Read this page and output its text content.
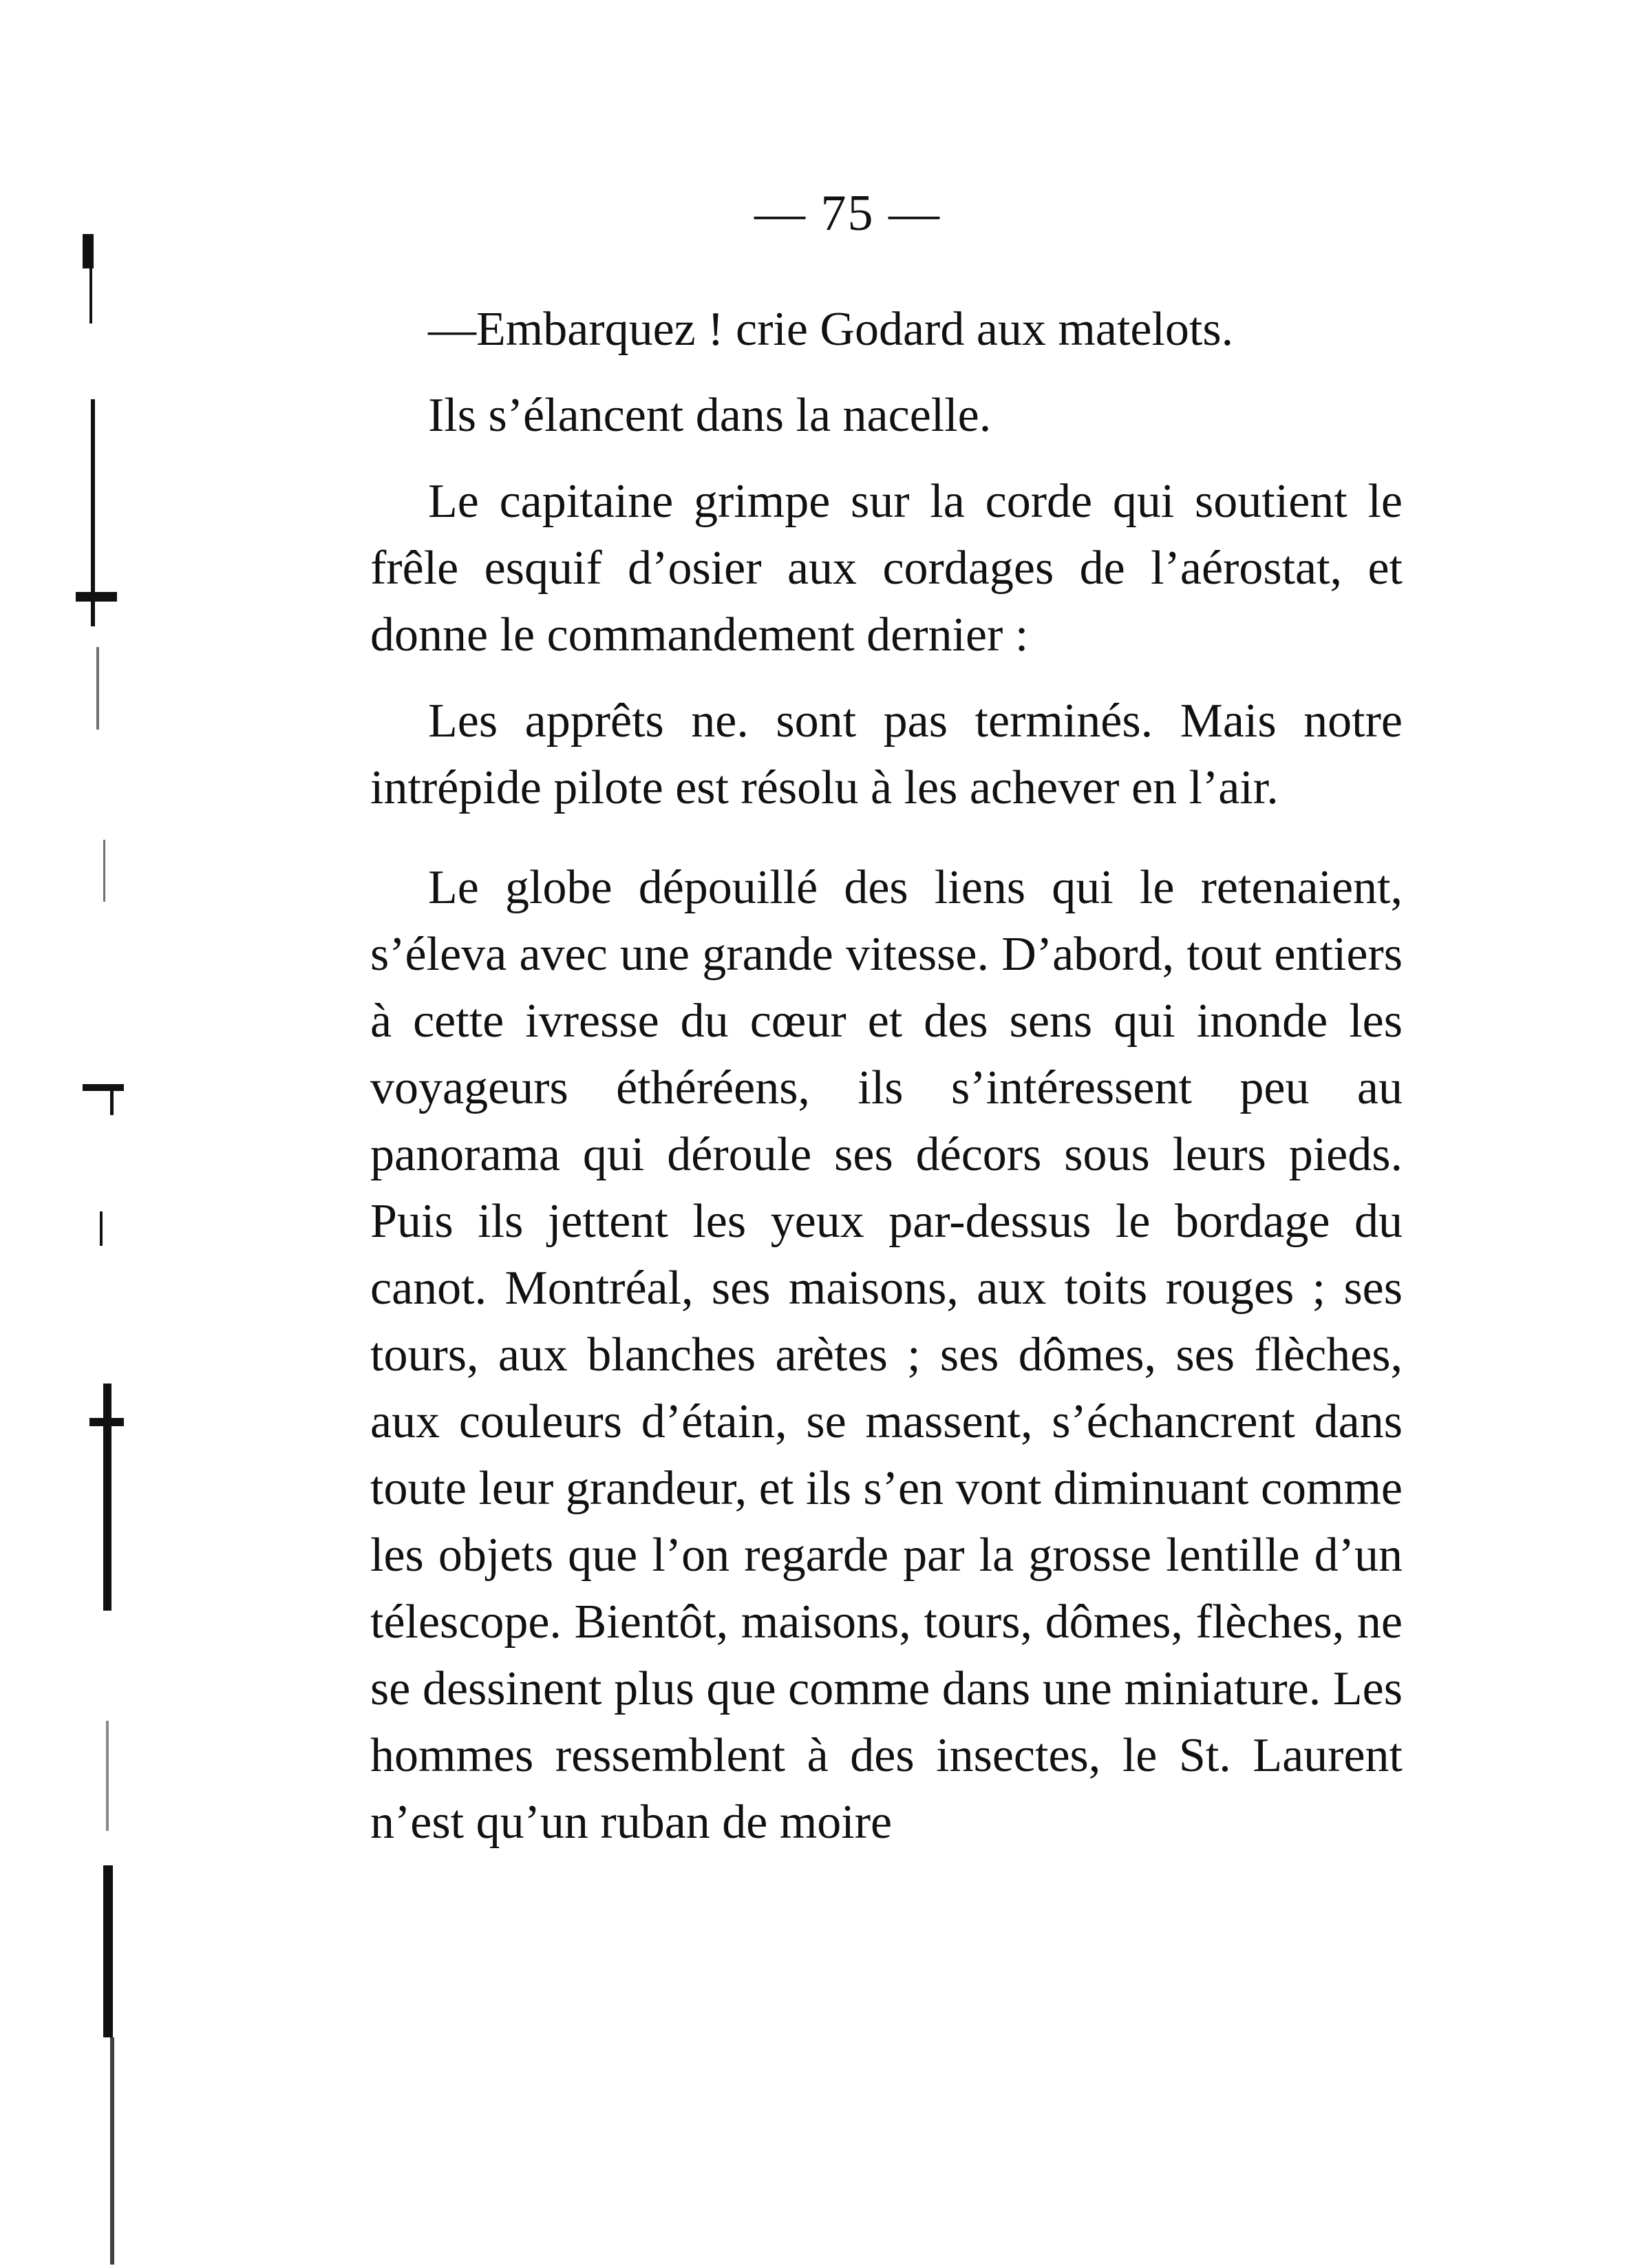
— 75 —

—Embarquez ! crie Godard aux matelots.

Ils s’élancent dans la nacelle.

Le capitaine grimpe sur la corde qui soutient le frêle esquif d’osier aux cordages de l’aérostat, et donne le commandement dernier :

Les apprêts ne. sont pas terminés. Mais notre intrépide pilote est résolu à les achever en l’air.

Le globe dépouillé des liens qui le retenaient, s’éleva avec une grande vitesse. D’abord, tout entiers à cette ivresse du cœur et des sens qui inonde les voyageurs éthéréens, ils s’intéressent peu au panorama qui déroule ses décors sous leurs pieds. Puis ils jettent les yeux par-dessus le bordage du canot. Montréal, ses maisons, aux toits rouges ; ses tours, aux blanches arètes ; ses dômes, ses flèches, aux couleurs d’étain, se massent, s’échancrent dans toute leur grandeur, et ils s’en vont diminuant comme les objets que l’on regarde par la grosse lentille d’un télescope. Bientôt, maisons, tours, dômes, flèches, ne se dessinent plus que comme dans une miniature. Les hommes ressemblent à des insectes, le St. Laurent n’est qu’un ruban de moire
